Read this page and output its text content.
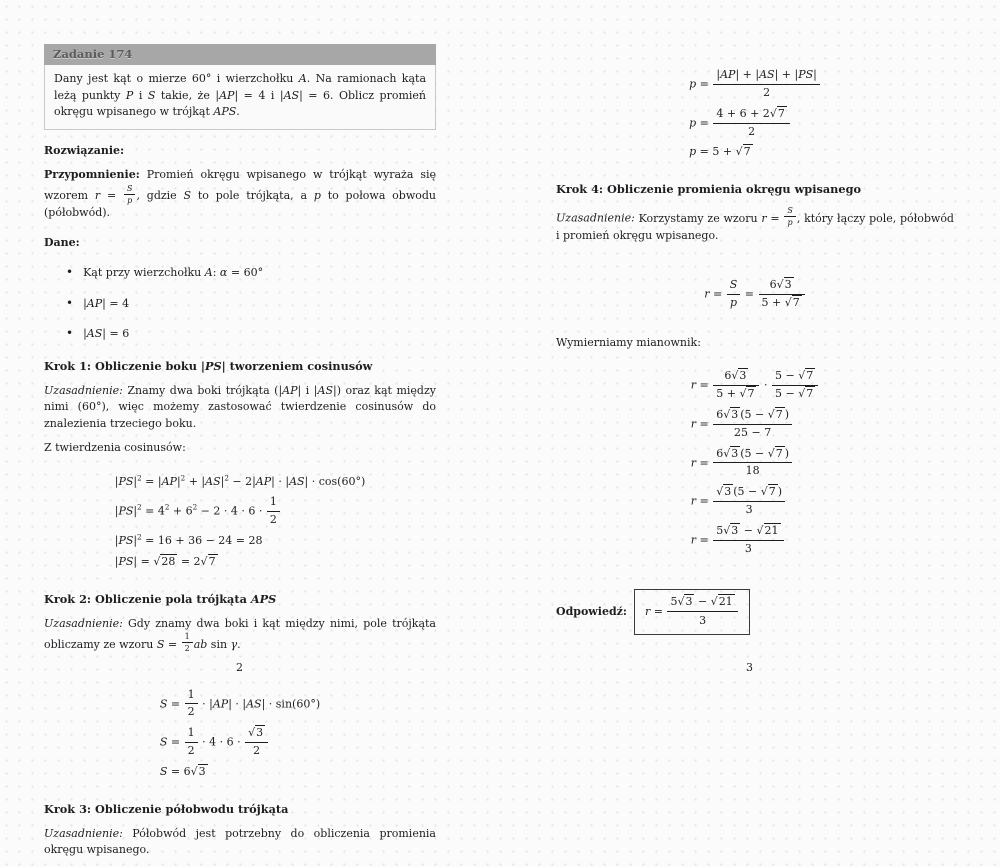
Zadanie 174
Dany jest kąt o mierze 60° i wierzchołku A. Na ramionach kąta leżą punkty P i S takie, że |AP| = 4 i |AS| = 6. Oblicz promień okręgu wpisanego w trójkąt APS.

Rozwiązanie:

Przypomnienie: Promień okręgu wpisanego w trójkąt wyraża się wzorem $r = \frac{S}{p}$ , gdzie S to pole trójkąta, a p to połowa obwodu (półobwód).

Dane:

• Kąt przy wierzchołku A: α = 60°
• |AP| = 4
• |AS| = 6
Krok 1: Obliczenie boku |PS| tworzeniem cosinusów

Uzasadnienie: Znamy dwa boki trójkąta (|AP| i |AS|) oraz kąt między nimi (60°), więc możemy zastosować twierdzenie cosinusów do znalezienia trzeciego boku.

Z twierdzenia cosinusów:

$|PS|^2 = |AP|^2 + |AS|^2 - 2|AP| \cdot |AS| \cdot \cos(60^\circ)$
$|PS|^2 = 4^2 + 6^2 - 2 \cdot 4 \cdot 6 \cdot \frac{1}{2}$
$|PS|^2 = 16 + 36 - 24 = 28$
|PS| = √28 = 2√7
Krok 2: Obliczenie pola trójkąta APS

Uzasadnienie: Gdy znamy dwa boki i kąt między nimi, pole trójkąta obliczamy ze wzoru $S = \frac{1}{2}$ ab sin γ.

$S = \frac{1}{2} \cdot |AP| \cdot |AS| \cdot \sin(60^\circ)$
$S = \frac{1}{2} \cdot 4 \cdot 6 \cdot \frac{√3}{2}$
S = 6√3
Krok 3: Obliczenie półobwodu trójkąta

Uzasadnienie: Półobwód jest potrzebny do obliczenia promienia okręgu wpisanego.

$p = \frac{|AP| + |AS| + |PS|}{2}$
$p = \frac{4 + 6 + 2√7}{2}$
p = 5 + √7
Krok 4: Obliczenie promienia okręgu wpisanego

Uzasadnienie: Korzystamy ze wzoru $r = \frac{S}{p}$ , który łączy pole, półobwód i promień okręgu wpisanego.

$r = \frac{S}{p} = \frac{6√3}{5 + √7}$

Wymierniamy mianownik:

$r = \frac{6√3}{5 + √7} \cdot \frac{5 - √7}{5 - √7}$
$r = \frac{6√3 (5 - √7 )}{25 - 7}$
$r = \frac{6√3 (5 - √7 )}{18}$
$r = \frac{√3 (5 - √7 )}{3}$
$r = \frac{5√3 - √21}{3}$

Odpowiedź: $r = \frac{5√3 - √21}{3}$

2	3
